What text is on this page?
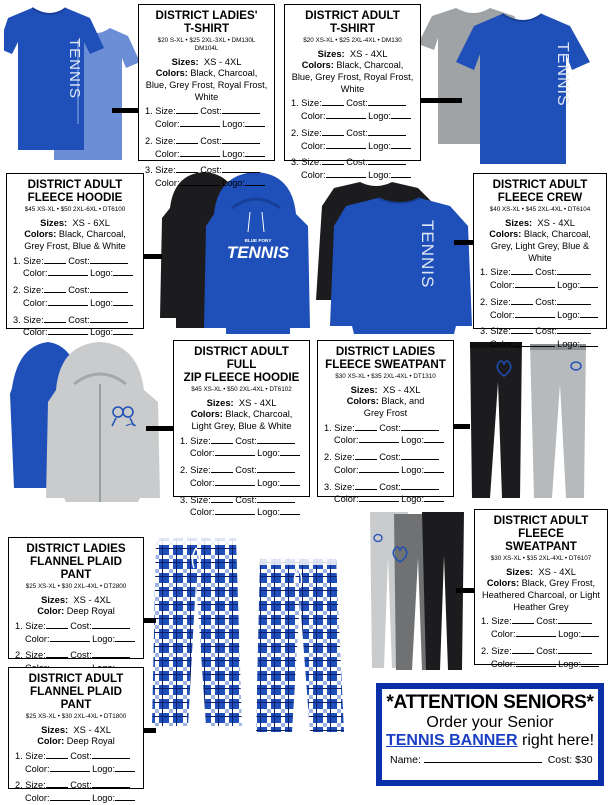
TENNIS	TENNIS
BLUE PONY
TENNIS	TENNIS
DISTRICT LADIES'
T-SHIRT
$20 S-XL • $25 2XL-3XL • DM130L DM104L
Sizes: XS - 4XL
Colors: Black, Charcoal, Blue, Grey Frost, Royal Frost, White
1. Size:	Cost:
Color:	Logo:
2. Size:	Cost:
Color:	Logo:
3. Size:	Cost:
Color:	Logo:
DISTRICT ADULT
T-SHIRT
$20 XS-XL • $25 2XL-4XL • DM130
Sizes: XS - 4XL
Colors: Black, Charcoal, Blue, Grey Frost, Royal Frost, White
1. Size:	Cost:
Color:	Logo:
2. Size:	Cost:
Color:	Logo:
3. Size:	Cost:
Color:	Logo:
DISTRICT ADULT
FLEECE HOODIE
$45 XS-XL • $50 2XL-6XL • DT6100
Sizes: XS - 6XL
Colors: Black, Charcoal, Grey Frost, Blue & White
1. Size:	Cost:
Color:	Logo:
2. Size:	Cost:
Color:	Logo:
3. Size:	Cost:
Color:	Logo:
DISTRICT ADULT
FLEECE CREW
$40 XS-XL • $45 2XL-4XL • DT6104
Sizes: XS - 4XL
Colors: Black, Charcoal, Grey, Light Grey, Blue & White
1. Size:	Cost:
Color:	Logo:
2. Size:	Cost:
Color:	Logo:
3. Size:	Cost:
Color:	Logo:
DISTRICT ADULT FULL
ZIP FLEECE HOODIE
$45 XS-XL • $50 2XL-4XL • DT6102
Sizes: XS - 4XL
Colors: Black, Charcoal, Light Grey, Blue & White
1. Size:	Cost:
Color:	Logo:
2. Size:	Cost:
Color:	Logo:
3. Size:	Cost:
Color:	Logo:
DISTRICT LADIES
FLEECE SWEATPANT
$30 XS-XL • $35 2XL-4XL • DT1310
Sizes: XS - 4XL
Colors: Black, and Grey Frost
1. Size:	Cost:
Color:	Logo:
2. Size:	Cost:
Color:	Logo:
3. Size:	Cost:
Color:	Logo:
DISTRICT ADULT
FLEECE SWEATPANT
$30 XS-XL • $35 2XL-4XL • DT6107
Sizes: XS - 4XL
Colors: Black, Grey Frost, Heathered Charcoal, or Light Heather Grey
1. Size:	Cost:
Color:	Logo:
2. Size:	Cost:
Color:	Logo:
DISTRICT LADIES
FLANNEL PLAID PANT
$25 XS-XL • $30 2XL-4XL • DT2800
Sizes: XS - 4XL
Color: Deep Royal
1. Size:	Cost:
Color:	Logo:
2. Size:	Cost:

DISTRICT ADULT
FLANNEL PLAID PANT
$25 XS-XL • $30 2XL-4XL • DT1800
Sizes: XS - 4XL
Color: Deep Royal
1. Size:	Cost:
Color:	Logo:
2. Size:	Cost:
Color:	Logo:
*ATTENTION SENIORS*
Order your Senior
TENNIS BANNER right here!
Name:	Cost: $30
